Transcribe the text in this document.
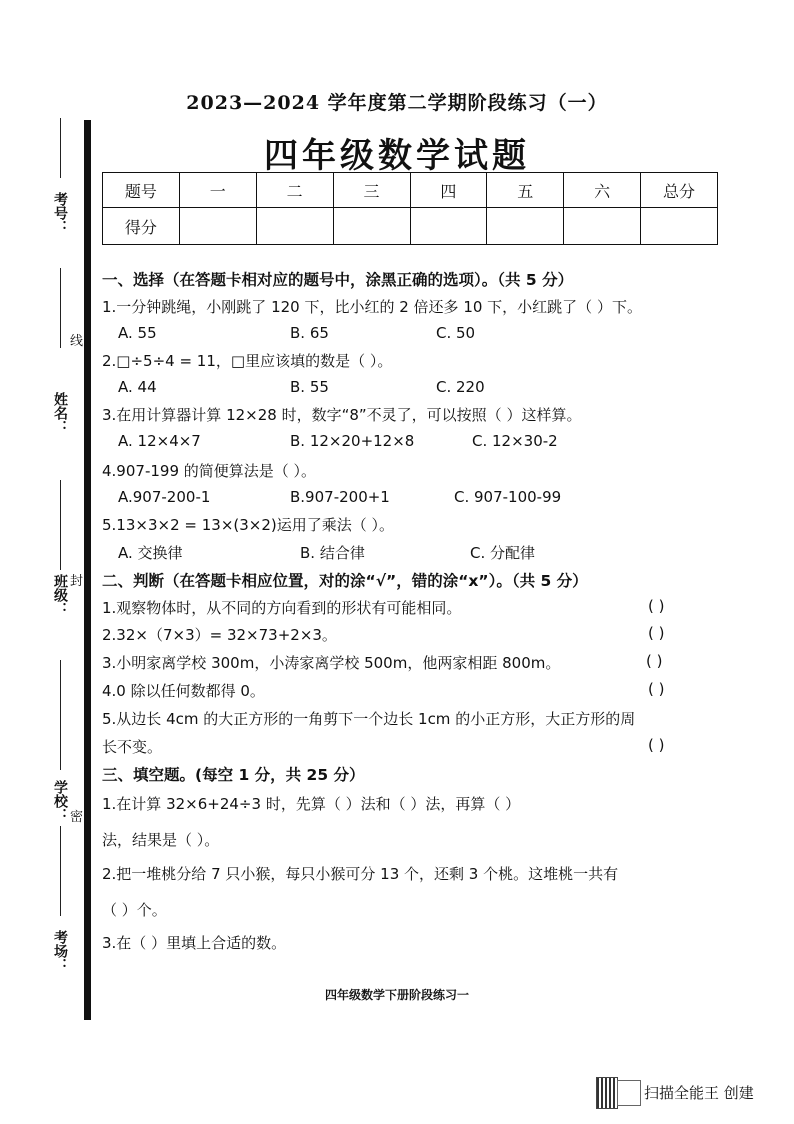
2023—2024 学年度第二学期阶段练习（一）
四年级数学试题
考号：
姓名：
班级：
学校：
考场：
线
封
密
题号	一	二	三	四	五	六	总分
得分							
一、选择（在答题卡相对应的题号中，涂黑正确的选项）。（共 5 分）
1.一分钟跳绳，小刚跳了 120 下，比小红的 2 倍还多 10 下，小红跳了（ ）下。
A. 55	B. 65	C. 50
2.□÷5÷4 = 11，□里应该填的数是（ ）。
A. 44	B. 55	C. 220
3.在用计算器计算 12×28 时，数字“8”不灵了，可以按照（ ）这样算。
A. 12×4×7	B. 12×20+12×8	C. 12×30-2
4.907-199 的简便算法是（ ）。
A.907-200-1	B.907-200+1	C. 907-100-99
5.13×3×2 = 13×(3×2)运用了乘法（ ）。
A. 交换律	B. 结合律	C. 分配律
二、判断（在答题卡相应位置，对的涂“√”，错的涂“x”）。（共 5 分）
1.观察物体时，从不同的方向看到的形状有可能相同。	( )
2.32×（7×3）= 32×73+2×3。	( )
3.小明家离学校 300m，小涛家离学校 500m，他两家相距 800m。	( )
4.0 除以任何数都得 0。	( )
5.从边长 4cm 的大正方形的一角剪下一个边长 1cm 的小正方形，大正方形的周
长不变。	( )
三、填空题。(每空 1 分，共 25 分）
1.在计算 32×6+24÷3 时，先算（ ）法和（ ）法，再算（ ）
法，结果是（ ）。
2.把一堆桃分给 7 只小猴，每只小猴可分 13 个，还剩 3 个桃。这堆桃一共有
（ ）个。
3.在（ ）里填上合适的数。
四年级数学下册阶段练习一
扫描全能王 创建
